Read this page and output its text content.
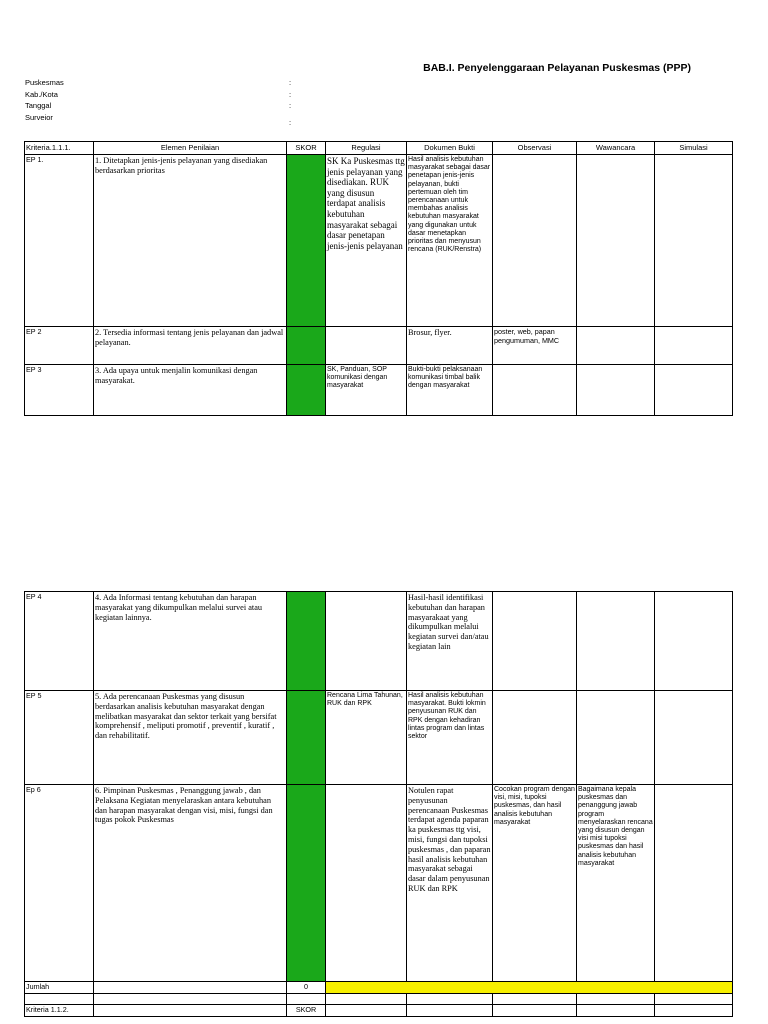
BAB.I. Penyelenggaraan Pelayanan Puskesmas (PPP)
Puskesmas	:
Kab./Kota	:
Tanggal	:
Surveior
:
Kriteria.1.1.1.	Elemen Penilaian	SKOR	Regulasi	Dokumen Bukti	Observasi	Wawancara	Simulasi
EP 1.	1. Ditetapkan jenis-jenis pelayanan yang disediakan berdasarkan prioritas		SK Ka Puskesmas ttg jenis pelayanan yang disediakan. RUK yang disusun terdapat analisis kebutuhan masyarakat sebagai dasar penetapan jenis-jenis pelayanan	Hasil analisis kebutuhan masyarakat sebagai dasar penetapan jenis-jenis pelayanan, bukti pertemuan oleh tim perencanaan untuk membahas analisis kebutuhan masyarakat yang digunakan untuk dasar menetapkan prioritas dan menyusun rencana (RUK/Renstra)			
EP 2	2. Tersedia informasi tentang jenis pelayanan dan jadwal pelayanan.			Brosur, flyer.	poster, web, papan pengumuman, MMC		
EP 3	3. Ada upaya untuk menjalin komunikasi dengan masyarakat.		SK, Panduan, SOP komunikasi dengan masyarakat	Bukti-bukti pelaksanaan komunikasi timbal balik dengan masyarakat			
EP 4	4. Ada Informasi tentang kebutuhan dan harapan masyarakat yang dikumpulkan melalui survei atau kegiatan lainnya.			Hasil-hasil identifikasi kebutuhan dan harapan masyarakaat yang dikumpulkan melalui kegiatan survei dan/atau kegiatan lain			
EP 5	5. Ada perencanaan Puskesmas yang disusun berdasarkan analisis kebutuhan masyarakat dengan melibatkan masyarakat dan sektor terkait yang bersifat komprehensif , meliputi promotif , preventif , kuratif , dan rehabilitatif.		Rencana Lima Tahunan, RUK dan RPK	Hasil analisis kebutuhan masyarakat. Bukti lokmin penyusunan RUK dan RPK dengan kehadiran lintas program dan lintas sektor			
Ep 6	6. Pimpinan Puskesmas , Penanggung jawab , dan Pelaksana Kegiatan menyelaraskan antara kebutuhan dan harapan masyarakat dengan visi, misi, fungsi dan tugas pokok Puskesmas			Notulen rapat penyusunan perencanaan Puskesmas terdapat agenda paparan ka puskesmas ttg visi, misi, fungsi dan tupoksi puskesmas , dan paparan hasil analisis kebutuhan masyarakat sebagai dasar dalam penyusunan RUK dan RPK	Cocokan program dengan visi, misi, tupoksi puskesmas, dan hasil analisis kebutuhan masyarakat	Bagaimana kepala puskesmas dan penanggung jawab program menyelaraskan rencana yang disusun dengan visi misi tupoksi puskesmas dan hasil analisis kebutuhan masyarakat	
Jumlah		0					

Kriteria 1.1.2.		SKOR					
